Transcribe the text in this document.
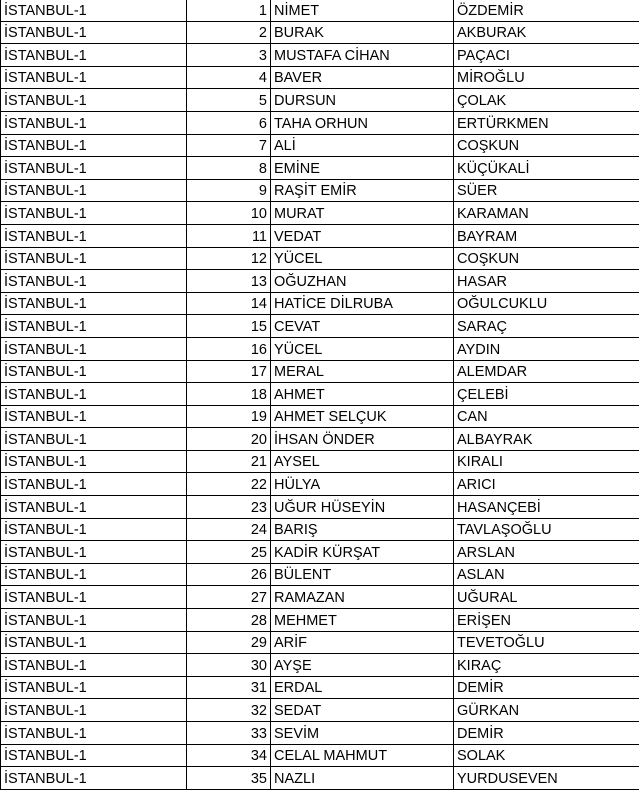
İSTANBUL-1	1	NİMET	ÖZDEMİR
İSTANBUL-1	2	BURAK	AKBURAK
İSTANBUL-1	3	MUSTAFA CİHAN	PAÇACI
İSTANBUL-1	4	BAVER	MİROĞLU
İSTANBUL-1	5	DURSUN	ÇOLAK
İSTANBUL-1	6	TAHA ORHUN	ERTÜRKMEN
İSTANBUL-1	7	ALİ	COŞKUN
İSTANBUL-1	8	EMİNE	KÜÇÜKALİ
İSTANBUL-1	9	RAŞİT EMİR	SÜER
İSTANBUL-1	10	MURAT	KARAMAN
İSTANBUL-1	11	VEDAT	BAYRAM
İSTANBUL-1	12	YÜCEL	COŞKUN
İSTANBUL-1	13	OĞUZHAN	HASAR
İSTANBUL-1	14	HATİCE DİLRUBA	OĞULCUKLU
İSTANBUL-1	15	CEVAT	SARAÇ
İSTANBUL-1	16	YÜCEL	AYDIN
İSTANBUL-1	17	MERAL	ALEMDAR
İSTANBUL-1	18	AHMET	ÇELEBİ
İSTANBUL-1	19	AHMET SELÇUK	CAN
İSTANBUL-1	20	İHSAN ÖNDER	ALBAYRAK
İSTANBUL-1	21	AYSEL	KIRALI
İSTANBUL-1	22	HÜLYA	ARICI
İSTANBUL-1	23	UĞUR HÜSEYİN	HASANÇEBİ
İSTANBUL-1	24	BARIŞ	TAVLAŞOĞLU
İSTANBUL-1	25	KADİR KÜRŞAT	ARSLAN
İSTANBUL-1	26	BÜLENT	ASLAN
İSTANBUL-1	27	RAMAZAN	UĞURAL
İSTANBUL-1	28	MEHMET	ERİŞEN
İSTANBUL-1	29	ARİF	TEVETOĞLU
İSTANBUL-1	30	AYŞE	KIRAÇ
İSTANBUL-1	31	ERDAL	DEMİR
İSTANBUL-1	32	SEDAT	GÜRKAN
İSTANBUL-1	33	SEVİM	DEMİR
İSTANBUL-1	34	CELAL MAHMUT	SOLAK
İSTANBUL-1	35	NAZLI	YURDUSEVEN
